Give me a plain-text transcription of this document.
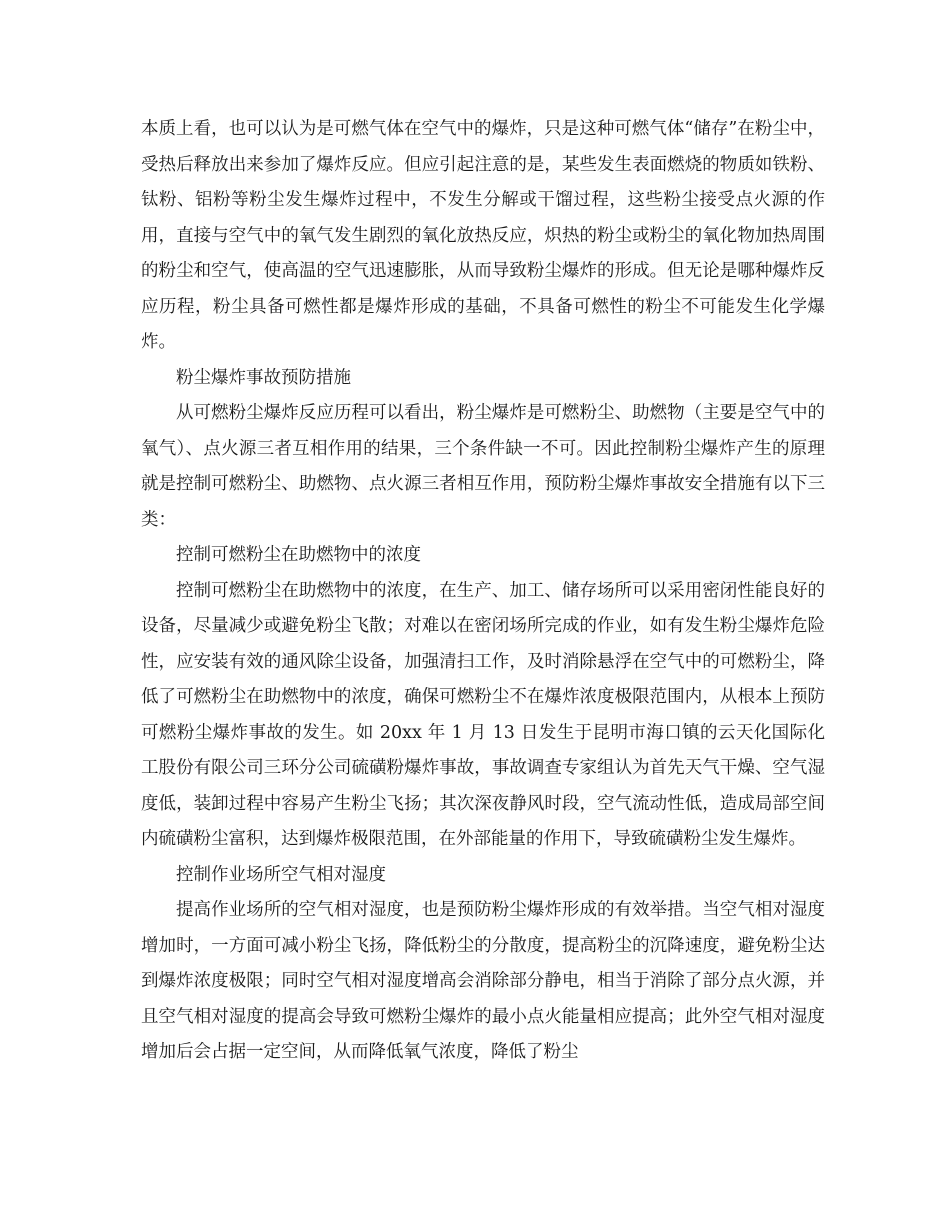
本质上看，也可以认为是可燃气体在空气中的爆炸，只是这种可燃气体“储存”在粉尘中，受热后释放出来参加了爆炸反应。但应引起注意的是，某些发生表面燃烧的物质如铁粉、钛粉、铝粉等粉尘发生爆炸过程中，不发生分解或干馏过程，这些粉尘接受点火源的作用，直接与空气中的氧气发生剧烈的氧化放热反应，炽热的粉尘或粉尘的氧化物加热周围的粉尘和空气，使高温的空气迅速膨胀，从而导致粉尘爆炸的形成。但无论是哪种爆炸反应历程，粉尘具备可燃性都是爆炸形成的基础，不具备可燃性的粉尘不可能发生化学爆炸。

粉尘爆炸事故预防措施

从可燃粉尘爆炸反应历程可以看出，粉尘爆炸是可燃粉尘、助燃物（主要是空气中的氧气）、点火源三者互相作用的结果，三个条件缺一不可。因此控制粉尘爆炸产生的原理就是控制可燃粉尘、助燃物、点火源三者相互作用，预防粉尘爆炸事故安全措施有以下三类：

控制可燃粉尘在助燃物中的浓度

控制可燃粉尘在助燃物中的浓度，在生产、加工、储存场所可以采用密闭性能良好的设备，尽量减少或避免粉尘飞散；对难以在密闭场所完成的作业，如有发生粉尘爆炸危险性，应安装有效的通风除尘设备，加强清扫工作，及时消除悬浮在空气中的可燃粉尘，降低了可燃粉尘在助燃物中的浓度，确保可燃粉尘不在爆炸浓度极限范围内，从根本上预防可燃粉尘爆炸事故的发生。如 20xx 年 1 月 13 日发生于昆明市海口镇的云天化国际化工股份有限公司三环分公司硫磺粉爆炸事故，事故调查专家组认为首先天气干燥、空气湿度低，装卸过程中容易产生粉尘飞扬；其次深夜静风时段，空气流动性低，造成局部空间内硫磺粉尘富积，达到爆炸极限范围，在外部能量的作用下，导致硫磺粉尘发生爆炸。

控制作业场所空气相对湿度

提高作业场所的空气相对湿度，也是预防粉尘爆炸形成的有效举措。当空气相对湿度增加时，一方面可减小粉尘飞扬，降低粉尘的分散度，提高粉尘的沉降速度，避免粉尘达到爆炸浓度极限；同时空气相对湿度增高会消除部分静电，相当于消除了部分点火源，并且空气相对湿度的提高会导致可燃粉尘爆炸的最小点火能量相应提高；此外空气相对湿度增加后会占据一定空间，从而降低氧气浓度，降低了粉尘
